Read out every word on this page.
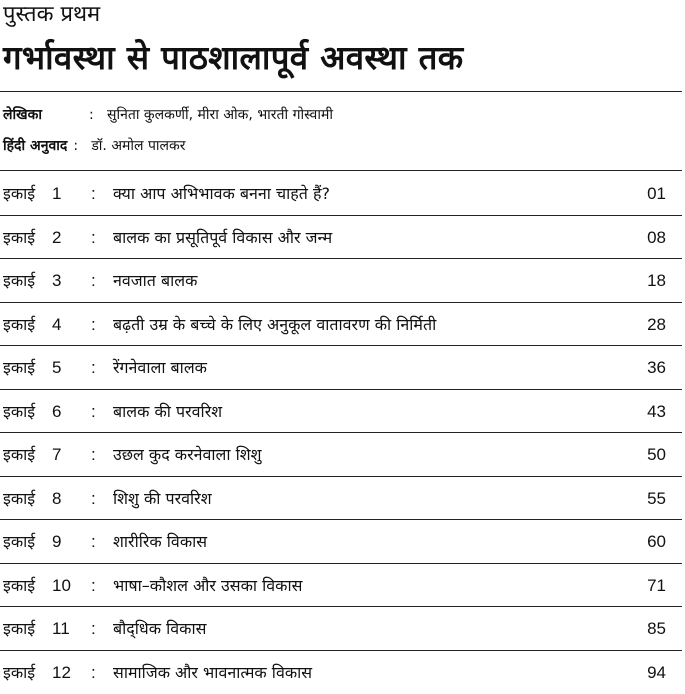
पुस्तक प्रथम
गर्भावस्था से पाठशालापूर्व अवस्था तक
लेखिका	: सुनिता कुलकर्णी, मीरा ओक, भारती गोस्वामी
हिंदी अनुवाद : डॉ. अमोल पालकर
इकाई 1 : क्या आप अभिभावक बनना चाहते हैं?	01
इकाई 2 : बालक का प्रसूतिपूर्व विकास और जन्म	08
इकाई 3 : नवजात बालक	18
इकाई 4 : बढ़ती उम्र के बच्चे के लिए अनुकूल वातावरण की निर्मिती	28
इकाई 5 : रेंगनेवाला बालक	36
इकाई 6 : बालक की परवरिश	43
इकाई 7 : उछल कुद करनेवाला शिशु	50
इकाई 8 : शिशु की परवरिश	55
इकाई 9 : शारीरिक विकास	60
इकाई 10 : भाषा–कौशल और उसका विकास	71
इकाई 11 : बौद्‌धिक विकास	85
इकाई 12 : सामाजिक और भावनात्मक विकास	94
